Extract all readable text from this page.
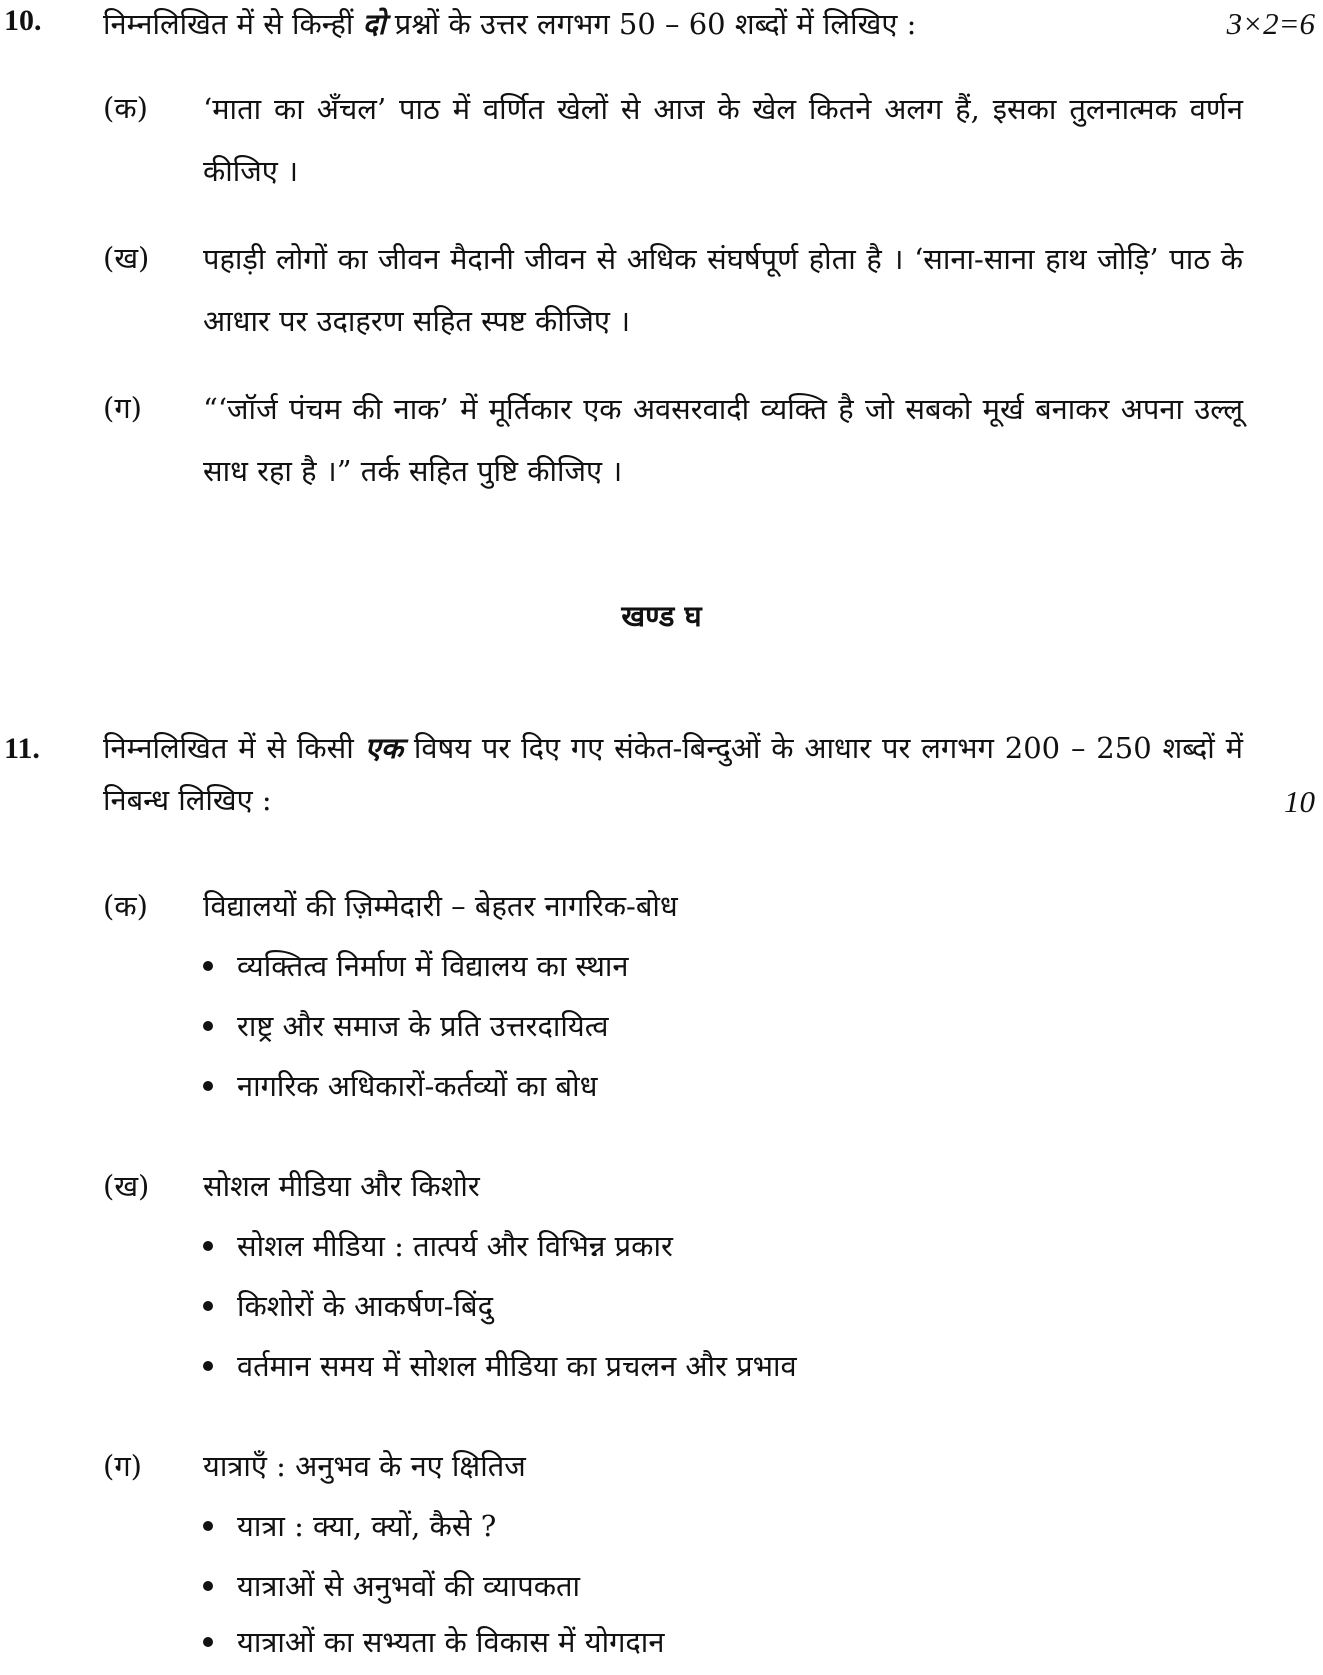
10. निम्नलिखित में से किन्हीं दो प्रश्नों के उत्तर लगभग 50 – 60 शब्दों में लिखिए :	3×2=6
(क) ‘माता का अँचल’ पाठ में वर्णित खेलों से आज के खेल कितने अलग हैं, इसका तुलनात्मक वर्णन कीजिए ।
(ख) पहाड़ी लोगों का जीवन मैदानी जीवन से अधिक संघर्षपूर्ण होता है । ‘साना-साना हाथ जोड़ि’ पाठ के आधार पर उदाहरण सहित स्पष्ट कीजिए ।
(ग) “‘जॉर्ज पंचम की नाक’ में मूर्तिकार एक अवसरवादी व्यक्ति है जो सबको मूर्ख बनाकर अपना उल्लू साध रहा है ।” तर्क सहित पुष्टि कीजिए ।
खण्ड घ
11. निम्नलिखित में से किसी एक विषय पर दिए गए संकेत-बिन्दुओं के आधार पर लगभग 200 – 250 शब्दों में निबन्ध लिखिए :	10
(क) विद्यालयों की ज़िम्मेदारी – बेहतर नागरिक-बोध
व्यक्तित्व निर्माण में विद्यालय का स्थान
राष्ट्र और समाज के प्रति उत्तरदायित्व
नागरिक अधिकारों-कर्तव्यों का बोध
(ख) सोशल मीडिया और किशोर
सोशल मीडिया : तात्पर्य और विभिन्न प्रकार
किशोरों के आकर्षण-बिंदु
वर्तमान समय में सोशल मीडिया का प्रचलन और प्रभाव
(ग) यात्राएँ : अनुभव के नए क्षितिज
यात्रा : क्या, क्यों, कैसे ?
यात्राओं से अनुभवों की व्यापकता
यात्राओं का सभ्यता के विकास में योगदान
